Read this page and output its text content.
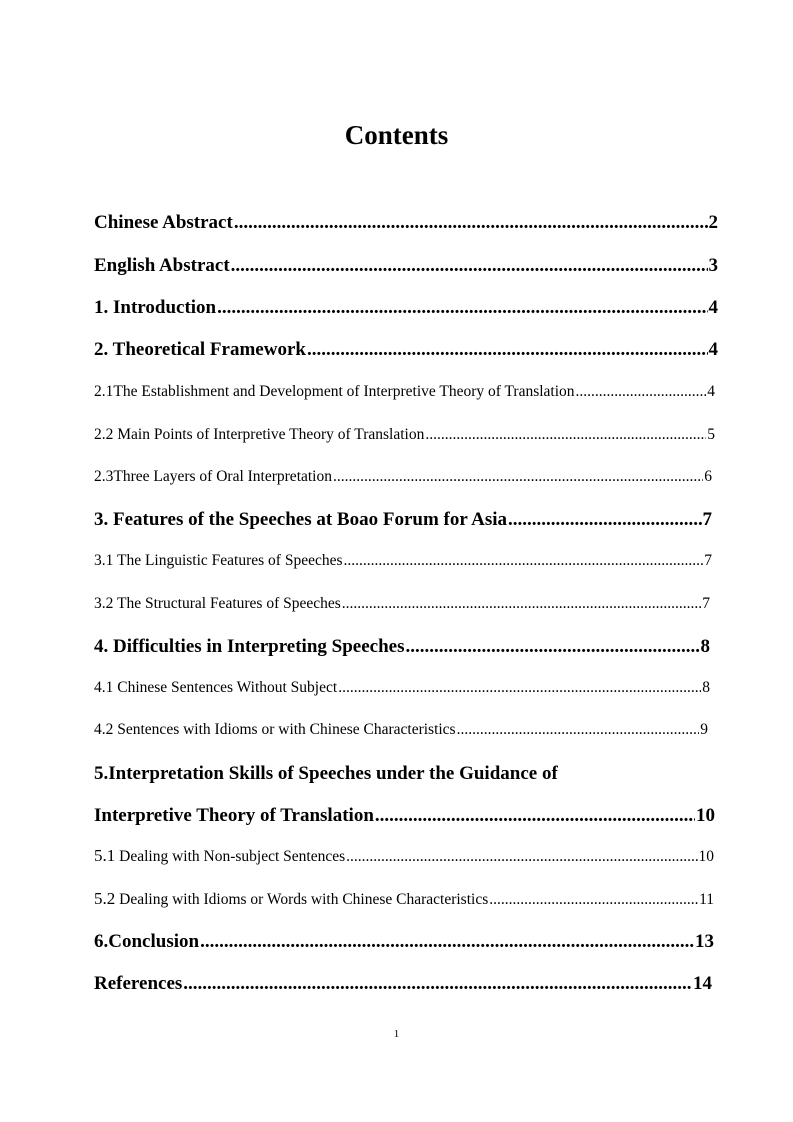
Contents
Chinese Abstract .....	2
English Abstract .....	3
1. Introduction .....	4
2. Theoretical Framework .....	4
2.1The Establishment and Development of Interpretive Theory of Translation .....	4
2.2 Main Points of Interpretive Theory of Translation .....	5
2.3Three Layers of Oral Interpretation .....	6
3. Features of the Speeches at Boao Forum for Asia .....	7
3.1 The Linguistic Features of Speeches .....	7
3.2 The Structural Features of Speeches .....	7
4. Difficulties in Interpreting Speeches .....	8
4.1 Chinese Sentences Without Subject .....	8
4.2 Sentences with Idioms or with Chinese Characteristics .....	9
5.Interpretation Skills of Speeches under the Guidance of
Interpretive Theory of Translation .....	10
5.1 Dealing with Non-subject Sentences .....	10
5.2 Dealing with Idioms or Words with Chinese Characteristics .....	11
6.Conclusion .....	13
References .....	14
1
